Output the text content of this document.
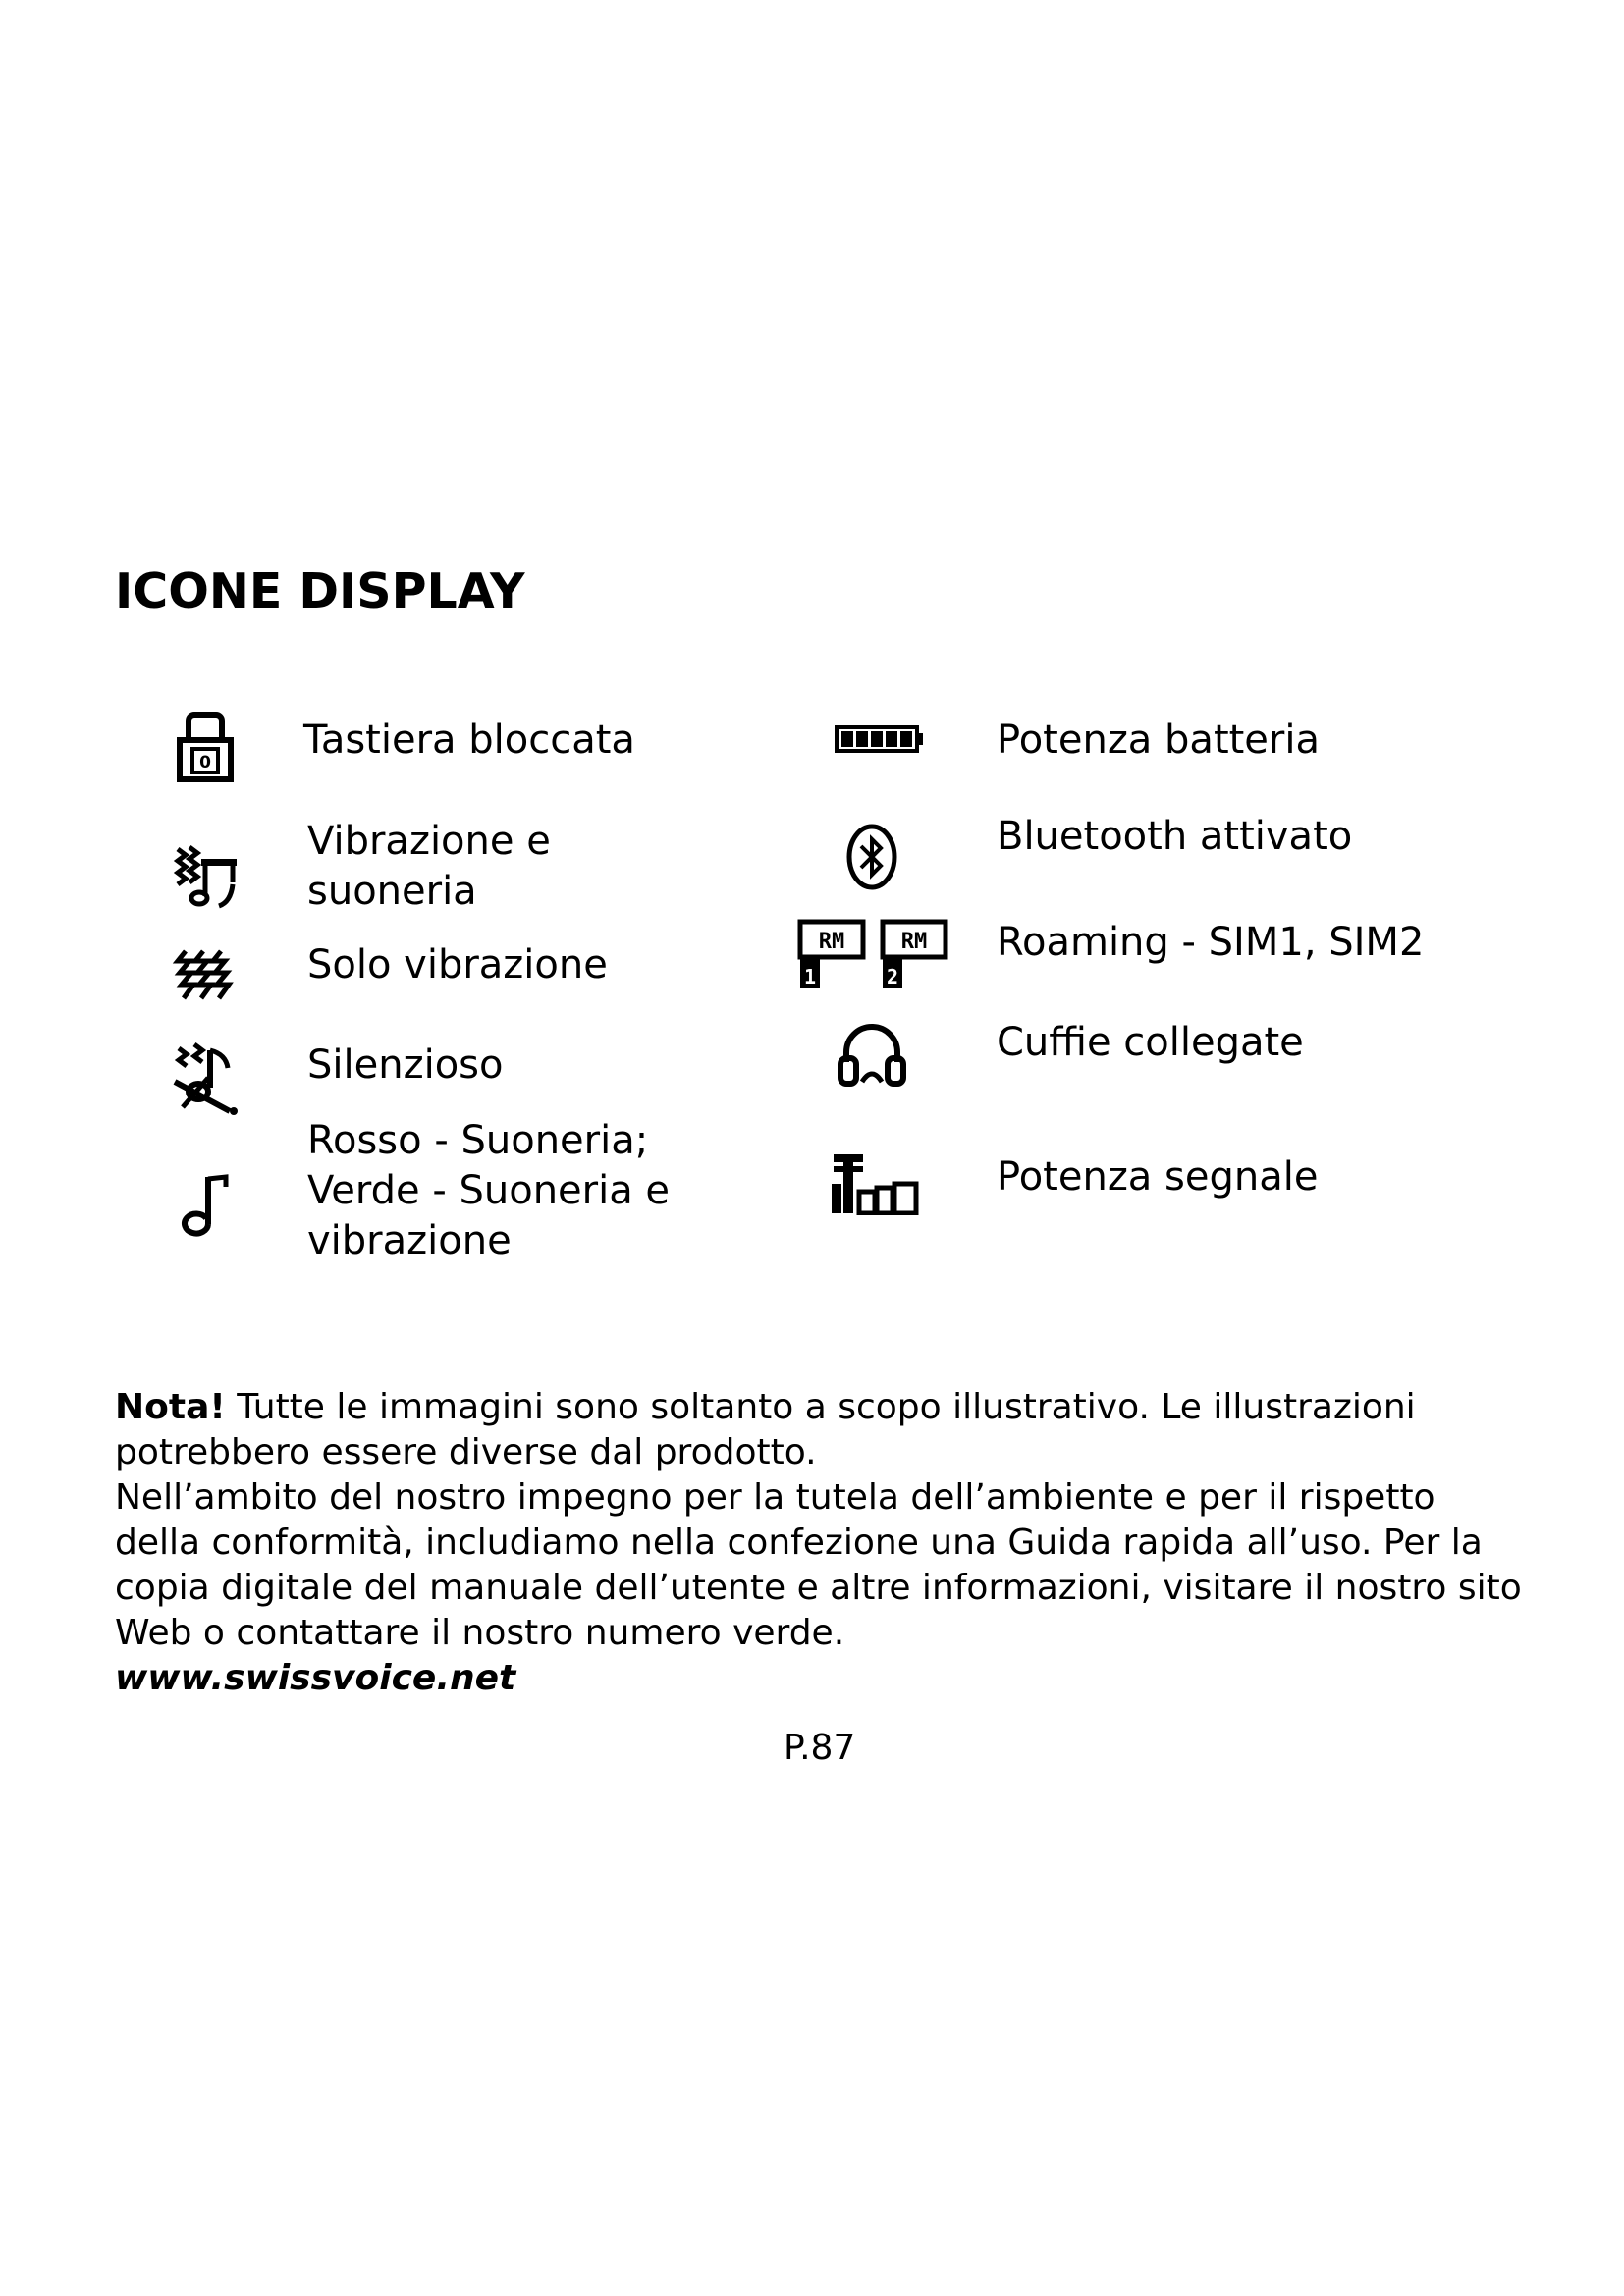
ICONE DISPLAY
0 Tastiera bloccata
Vibrazione e
suoneria
Solo vibrazione
Silenzioso
Rosso - Suoneria;
Verde - Suoneria e
vibrazione
Potenza batteria
Bluetooth attivato
RM
1
RM
2
Roaming - SIM1, SIM2
Cuffie collegate
Potenza segnale

Nota! Tutte le immagini sono soltanto a scopo illustrativo. Le illustrazioni potrebbero essere diverse dal prodotto.

Nell’ambito del nostro impegno per la tutela dell’ambiente e per il rispetto della conformità, includiamo nella confezione una Guida rapida all’uso. Per la copia digitale del manuale dell’utente e altre informazioni, visitare il nostro sito Web o contattare il nostro numero verde.

www.swissvoice.net

P.87
